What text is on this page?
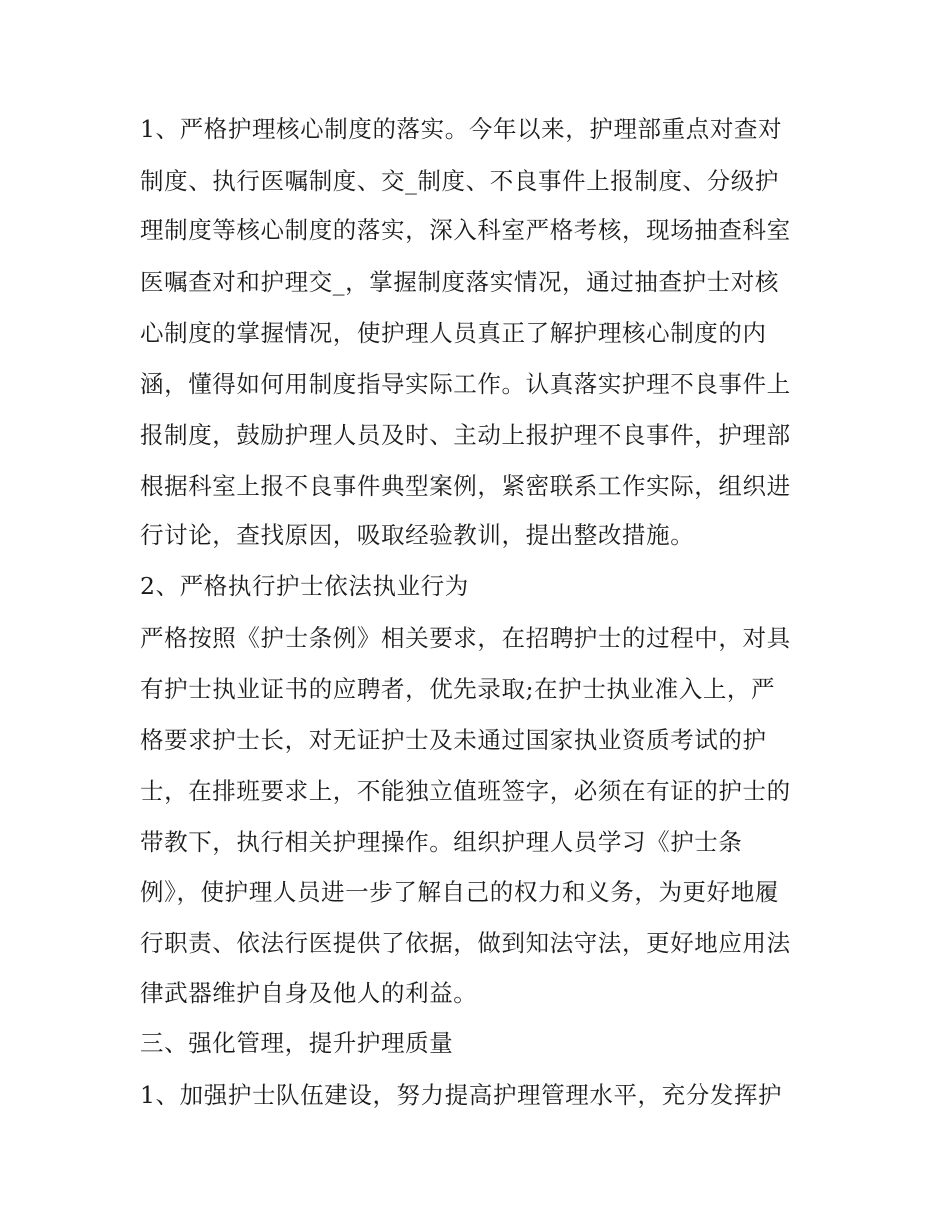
1、严格护理核心制度的落实。今年以来，护理部重点对查对
制度、执行医嘱制度、交_制度、不良事件上报制度、分级护
理制度等核心制度的落实，深入科室严格考核，现场抽查科室
医嘱查对和护理交_，掌握制度落实情况，通过抽查护士对核
心制度的掌握情况，使护理人员真正了解护理核心制度的内
涵，懂得如何用制度指导实际工作。认真落实护理不良事件上
报制度，鼓励护理人员及时、主动上报护理不良事件，护理部
根据科室上报不良事件典型案例，紧密联系工作实际，组织进
行讨论，查找原因，吸取经验教训，提出整改措施。
2、严格执行护士依法执业行为
严格按照《护士条例》相关要求，在招聘护士的过程中，对具
有护士执业证书的应聘者，优先录取;在护士执业准入上，严
格要求护士长，对无证护士及未通过国家执业资质考试的护
士，在排班要求上，不能独立值班签字，必须在有证的护士的
带教下，执行相关护理操作。组织护理人员学习《护士条
例》，使护理人员进一步了解自己的权力和义务，为更好地履
行职责、依法行医提供了依据，做到知法守法，更好地应用法
律武器维护自身及他人的利益。
三、强化管理，提升护理质量
1、加强护士队伍建设，努力提高护理管理水平，充分发挥护
